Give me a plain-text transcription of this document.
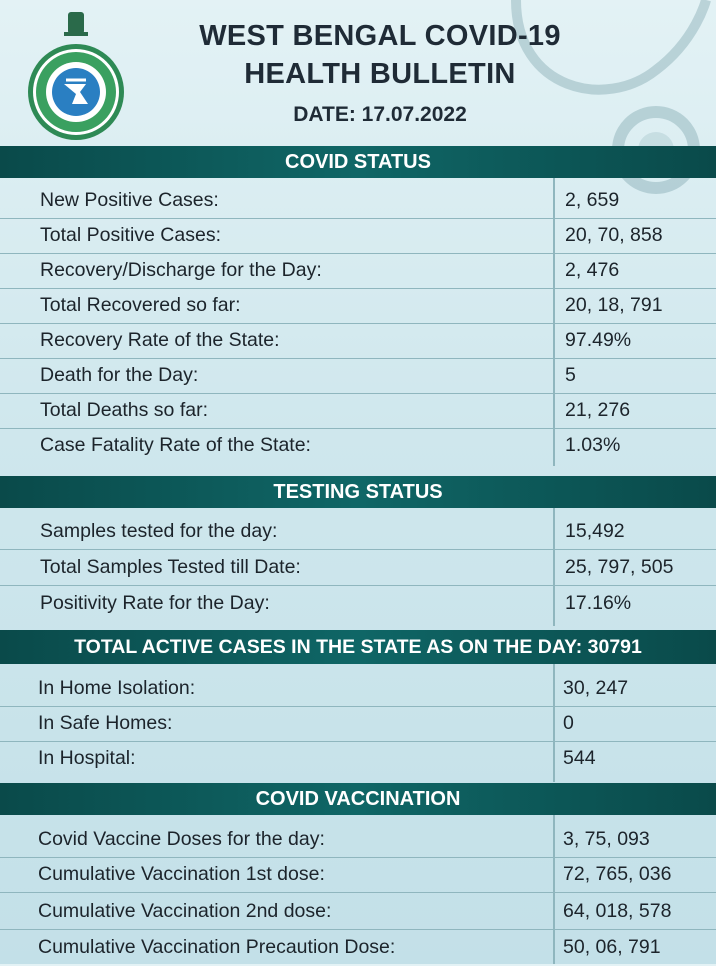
WEST BENGAL COVID-19
HEALTH BULLETIN
DATE: 17.07.2022
COVID STATUS
New Positive Cases:	2, 659
Total Positive Cases:	20, 70, 858
Recovery/Discharge for the Day:	2, 476
Total Recovered so far:	20, 18, 791
Recovery Rate of the State:	97.49%
Death for the Day:	5
Total Deaths so far:	21, 276
Case Fatality Rate of the State:	1.03%
TESTING STATUS
Samples tested for the day:	15,492
Total Samples Tested till Date:	25, 797, 505
Positivity Rate for the Day:	17.16%
TOTAL ACTIVE CASES IN THE STATE AS ON THE DAY: 30791
In Home Isolation:	30, 247
In Safe Homes:	0
In Hospital:	544
COVID VACCINATION
Covid Vaccine Doses for the day:	3, 75, 093
Cumulative Vaccination 1st dose:	72, 765, 036
Cumulative Vaccination 2nd dose:	64, 018, 578
Cumulative Vaccination Precaution Dose:	50, 06, 791
